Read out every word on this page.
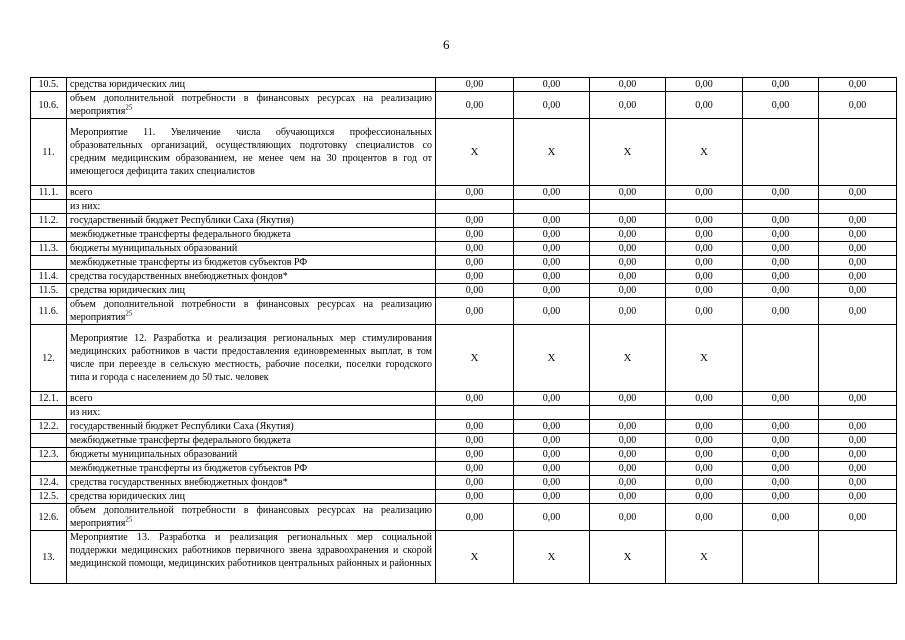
6
10.5.	средства юридических лиц	0,00	0,00	0,00	0,00	0,00	0,00
10.6.	объем дополнительной потребности в финансовых ресурсах на реализацию мероприятия$^{25}$	0,00	0,00	0,00	0,00	0,00	0,00
11.	Мероприятие 11. Увеличение числа обучающихся профессиональных образовательных организаций, осуществляющих подготовку специалистов со средним медицинским образованием, не менее чем на 30 процентов в год от имеющегося дефицита таких специалистов	X	X	X	X		
11.1.	всего	0,00	0,00	0,00	0,00	0,00	0,00
	из них:						
11.2.	государственный бюджет Республики Саха (Якутия)	0,00	0,00	0,00	0,00	0,00	0,00
	межбюджетные трансферты федерального бюджета	0,00	0,00	0,00	0,00	0,00	0,00
11.3.	бюджеты муниципальных образований	0,00	0,00	0,00	0,00	0,00	0,00
	межбюджетные трансферты из бюджетов субъектов РФ	0,00	0,00	0,00	0,00	0,00	0,00
11.4.	средства государственных внебюджетных фондов*	0,00	0,00	0,00	0,00	0,00	0,00
11.5.	средства юридических лиц	0,00	0,00	0,00	0,00	0,00	0,00
11.6.	объем дополнительной потребности в финансовых ресурсах на реализацию мероприятия$^{25}$	0,00	0,00	0,00	0,00	0,00	0,00
12.	Мероприятие 12. Разработка и реализация региональных мер стимулирования медицинских работников в части предоставления единовременных выплат, в том числе при переезде в сельскую местность, рабочие поселки, поселки городского типа и города с населением до 50 тыс. человек	X	X	X	X		
12.1.	всего	0,00	0,00	0,00	0,00	0,00	0,00
	из них:						
12.2.	государственный бюджет Республики Саха (Якутия)	0,00	0,00	0,00	0,00	0,00	0,00
	межбюджетные трансферты федерального бюджета	0,00	0,00	0,00	0,00	0,00	0,00
12.3.	бюджеты муниципальных образований	0,00	0,00	0,00	0,00	0,00	0,00
	межбюджетные трансферты из бюджетов субъектов РФ	0,00	0,00	0,00	0,00	0,00	0,00
12.4.	средства государственных внебюджетных фондов*	0,00	0,00	0,00	0,00	0,00	0,00
12.5.	средства юридических лиц	0,00	0,00	0,00	0,00	0,00	0,00
12.6.	объем дополнительной потребности в финансовых ресурсах на реализацию мероприятия$^{25}$	0,00	0,00	0,00	0,00	0,00	0,00
13.	Мероприятие 13. Разработка и реализация региональных мер социальной поддержки медицинских работников первичного звена здравоохранения и скорой медицинской помощи, медицинских работников центральных районных и районных	X	X	X	X		
